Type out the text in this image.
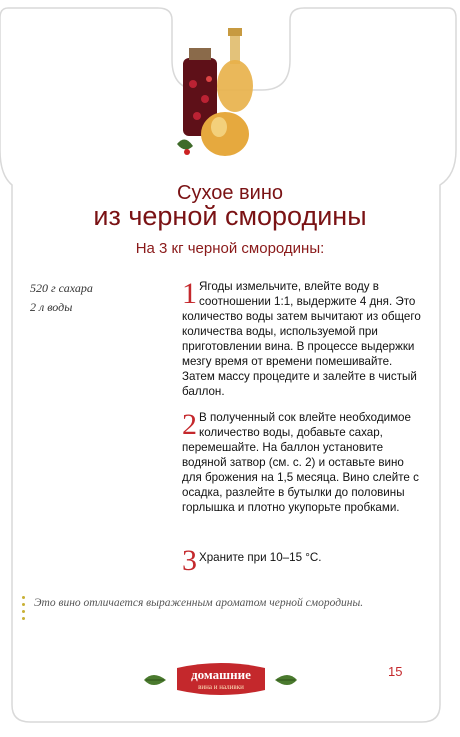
Сухое вино
из черной смородины
На 3 кг черной смородины:
520 г сахара
2 л воды	1 Ягоды измельчите, влейте воду в соотношении 1:1, выдержите 4 дня. Это количество воды затем вычитают из общего количества воды, используемой при приготовлении вина. В процессе выдержки мезгу время от времени помешивайте. Затем массу процедите и залейте в чистый баллон.

2 В полученный сок влейте необходимое количество воды, добавьте сахар, перемешайте. На баллон установите водяной затвор (см. с. 2) и оставьте вино для брожения на 1,5 месяца. Вино слейте с осадка, разлейте в бутылки до половины горлышка и плотно укупорьте пробками.

3 Храните при 10–15 °С.

Это вино отличается выраженным ароматом черной смородины.
домашние
вина и наливки
15
